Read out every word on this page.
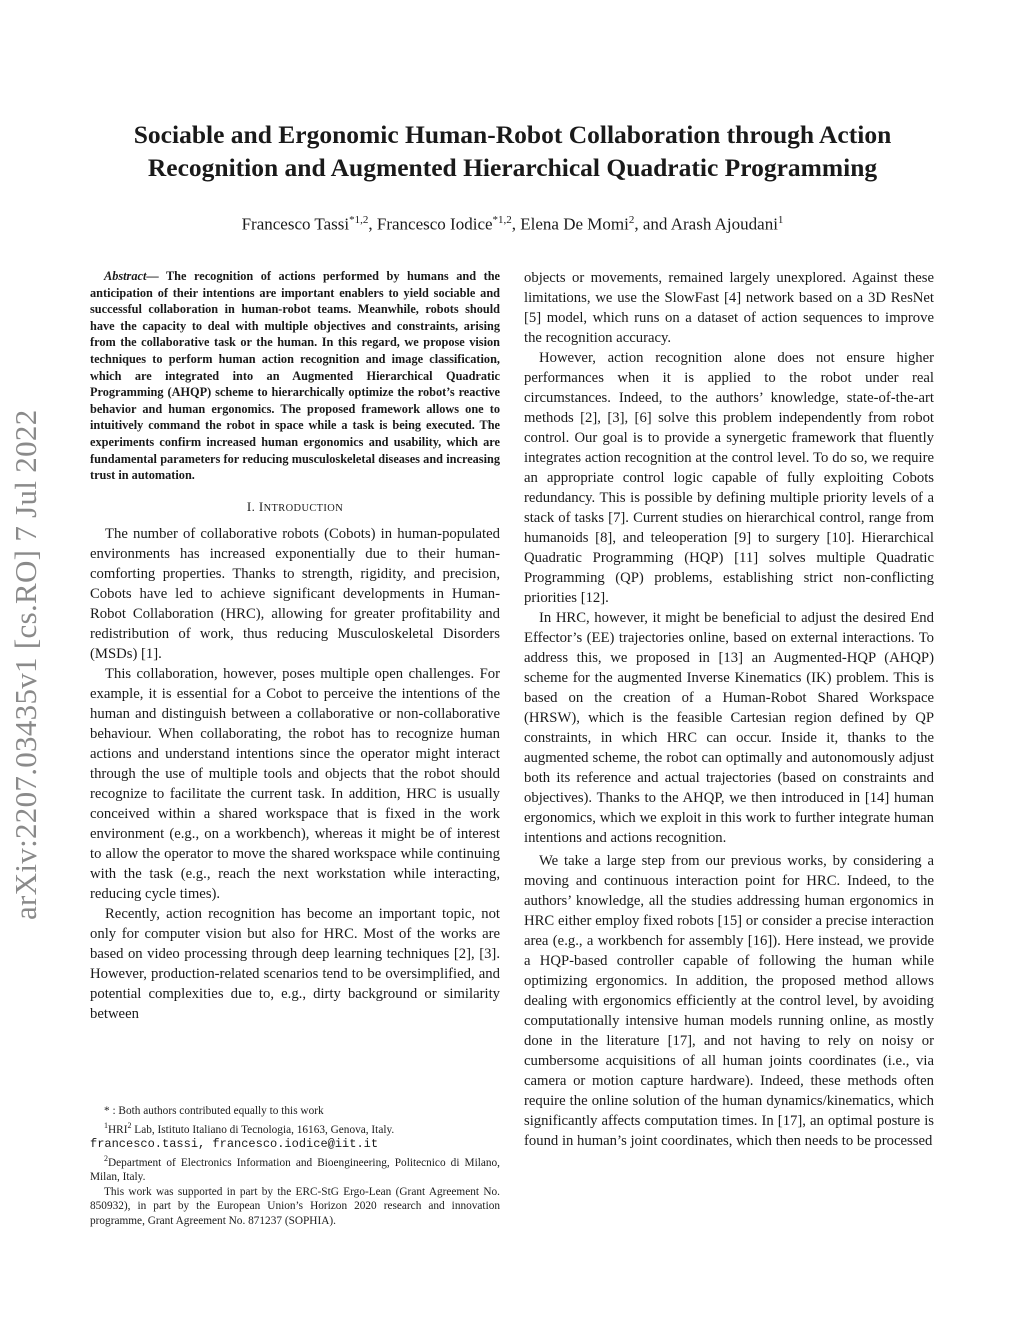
arXiv:2207.03435v1 [cs.RO] 7 Jul 2022
Sociable and Ergonomic Human-Robot Collaboration through Action
Recognition and Augmented Hierarchical Quadratic Programming
Francesco Tassi$^{*1,2}$, Francesco Iodice$^{*1,2}$, Elena De Momi$^2$, and Arash Ajoudani$^1$

Abstract— The recognition of actions performed by humans and the anticipation of their intentions are important enablers to yield sociable and successful collaboration in human-robot teams. Meanwhile, robots should have the capacity to deal with multiple objectives and constraints, arising from the collaborative task or the human. In this regard, we propose vision techniques to perform human action recognition and image classification, which are integrated into an Augmented Hierarchical Quadratic Programming (AHQP) scheme to hierarchically optimize the robot’s reactive behavior and human ergonomics. The proposed framework allows one to intuitively command the robot in space while a task is being executed. The experiments confirm increased human ergonomics and usability, which are fundamental parameters for reducing musculoskeletal diseases and increasing trust in automation.

I. INTRODUCTION

The number of collaborative robots (Cobots) in human-populated environments has increased exponentially due to their human-comforting properties. Thanks to strength, rigidity, and precision, Cobots have led to achieve significant developments in Human-Robot Collaboration (HRC), allowing for greater profitability and redistribution of work, thus reducing Musculoskeletal Disorders (MSDs) [1].

This collaboration, however, poses multiple open challenges. For example, it is essential for a Cobot to perceive the intentions of the human and distinguish between a collaborative or non-collaborative behaviour. When collaborating, the robot has to recognize human actions and understand intentions since the operator might interact through the use of multiple tools and objects that the robot should recognize to facilitate the current task. In addition, HRC is usually conceived within a shared workspace that is fixed in the work environment (e.g., on a workbench), whereas it might be of interest to allow the operator to move the shared workspace while continuing with the task (e.g., reach the next workstation while interacting, reducing cycle times).

Recently, action recognition has become an important topic, not only for computer vision but also for HRC. Most of the works are based on video processing through deep learning techniques [2], [3]. However, production-related scenarios tend to be oversimplified, and potential complexities due to, e.g., dirty background or similarity between

* : Both authors contributed equally to this work

$^1$HRI$^2$ Lab, Istituto Italiano di Tecnologia, 16163, Genova, Italy.

francesco.tassi, francesco.iodice@iit.it

$^2$Department of Electronics Information and Bioengineering, Politecnico di Milano, Milan, Italy.

This work was supported in part by the ERC-StG Ergo-Lean (Grant Agreement No. 850932), in part by the European Union’s Horizon 2020 research and innovation programme, Grant Agreement No. 871237 (SOPHIA).

objects or movements, remained largely unexplored. Against these limitations, we use the SlowFast [4] network based on a 3D ResNet [5] model, which runs on a dataset of action sequences to improve the recognition accuracy.

However, action recognition alone does not ensure higher performances when it is applied to the robot under real circumstances. Indeed, to the authors’ knowledge, state-of-the-art methods [2], [3], [6] solve this problem independently from robot control. Our goal is to provide a synergetic framework that fluently integrates action recognition at the control level. To do so, we require an appropriate control logic capable of fully exploiting Cobots redundancy. This is possible by defining multiple priority levels of a stack of tasks [7]. Current studies on hierarchical control, range from humanoids [8], and teleoperation [9] to surgery [10]. Hierarchical Quadratic Programming (HQP) [11] solves multiple Quadratic Programming (QP) problems, establishing strict non-conflicting priorities [12].

In HRC, however, it might be beneficial to adjust the desired End Effector’s (EE) trajectories online, based on external interactions. To address this, we proposed in [13] an Augmented-HQP (AHQP) scheme for the augmented Inverse Kinematics (IK) problem. This is based on the creation of a Human-Robot Shared Workspace (HRSW), which is the feasible Cartesian region defined by QP constraints, in which HRC can occur. Inside it, thanks to the augmented scheme, the robot can optimally and autonomously adjust both its reference and actual trajectories (based on constraints and objectives). Thanks to the AHQP, we then introduced in [14] human ergonomics, which we exploit in this work to further integrate human intentions and actions recognition.

We take a large step from our previous works, by considering a moving and continuous interaction point for HRC. Indeed, to the authors’ knowledge, all the studies addressing human ergonomics in HRC either employ fixed robots [15] or consider a precise interaction area (e.g., a workbench for assembly [16]). Here instead, we provide a HQP-based controller capable of following the human while optimizing ergonomics. In addition, the proposed method allows dealing with ergonomics efficiently at the control level, by avoiding computationally intensive human models running online, as mostly done in the literature [17], and not having to rely on noisy or cumbersome acquisitions of all human joints coordinates (i.e., via camera or motion capture hardware). Indeed, these methods often require the online solution of the human dynamics/kinematics, which significantly affects computation times. In [17], an optimal posture is found in human’s joint coordinates, which then needs to be processed
